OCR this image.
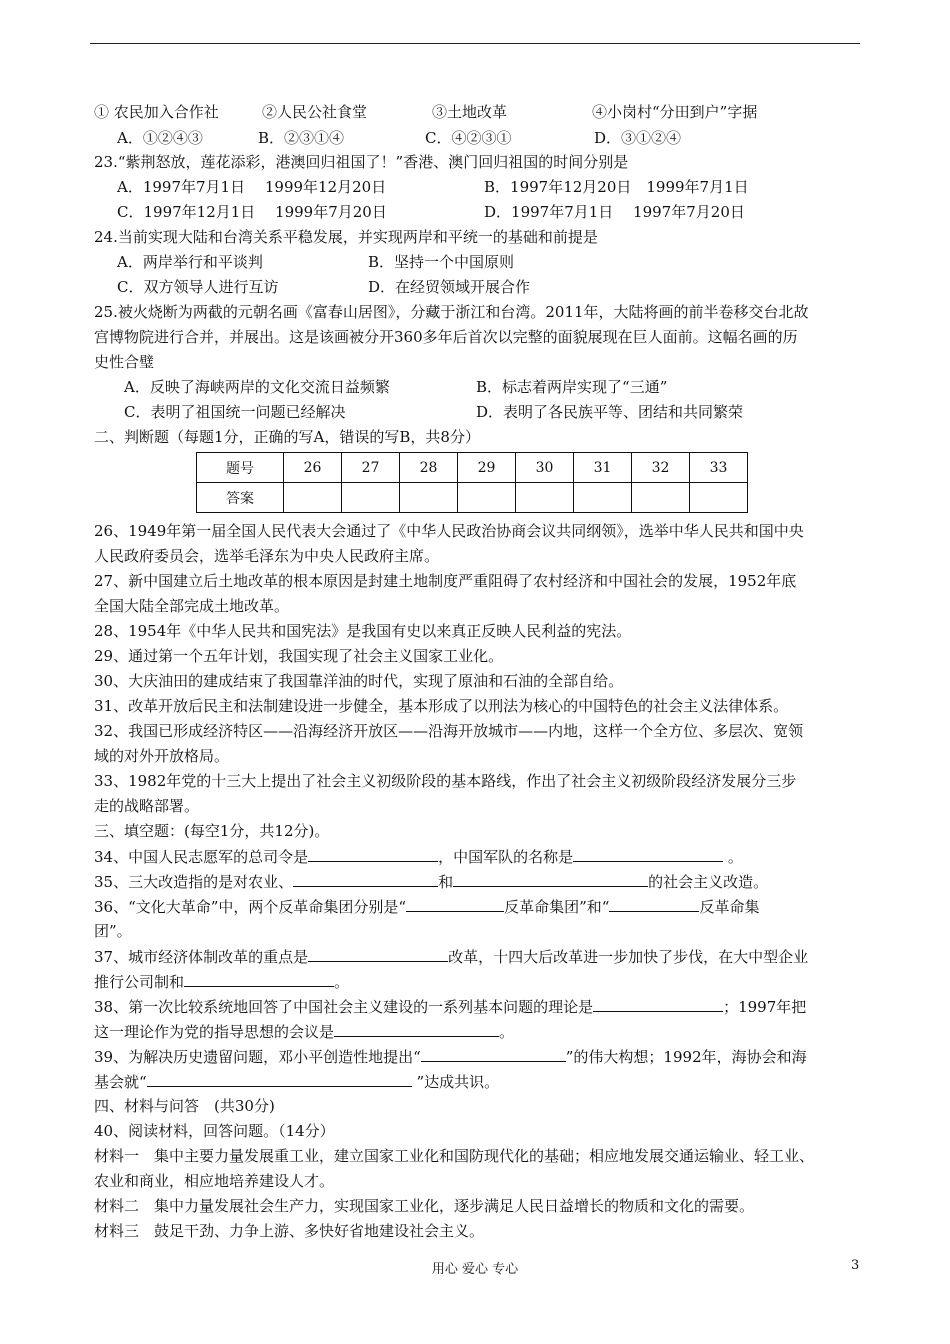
① 农民加入合作社	②人民公社食堂	③土地改革	④小岗村“分田到户”字据
A．①②④③	B．②③①④	C．④②③①	D．③①②④
23.“紫荆怒放，莲花添彩，港澳回归祖国了！”香港、澳门回归祖国的时间分别是
A．1997年7月1日　 1999年12月20日	B．1997年12月20日　1999年7月1日
C．1997年12月1日　 1999年7月20日	D．1997年7月1日　 1997年7月20日
24.当前实现大陆和台湾关系平稳发展，并实现两岸和平统一的基础和前提是
A．两岸举行和平谈判	B．坚持一个中国原则
C．双方领导人进行互访	D．在经贸领域开展合作
25.被火烧断为两截的元朝名画《富春山居图》，分藏于浙江和台湾。2011年，大陆将画的前半卷移交台北故
宫博物院进行合并，并展出。这是该画被分开360多年后首次以完整的面貌展现在巨人面前。这幅名画的历
史性合璧
A．反映了海峡两岸的文化交流日益频繁	B．标志着两岸实现了“三通”
C．表明了祖国统一问题已经解决	D．表明了各民族平等、团结和共同繁荣
二、判断题（每题1分，正确的写A，错误的写B，共8分）
题号	26	27	28	29	30	31	32	33
答案								
26、1949年第一届全国人民代表大会通过了《中华人民政治协商会议共同纲领》，选举中华人民共和国中央
人民政府委员会，选举毛泽东为中央人民政府主席。
27、新中国建立后土地改革的根本原因是封建土地制度严重阻碍了农村经济和中国社会的发展，1952年底
全国大陆全部完成土地改革。
28、1954年《中华人民共和国宪法》是我国有史以来真正反映人民利益的宪法。
29、通过第一个五年计划，我国实现了社会主义国家工业化。
30、大庆油田的建成结束了我国靠洋油的时代，实现了原油和石油的全部自给。
31、改革开放后民主和法制建设进一步健全，基本形成了以刑法为核心的中国特色的社会主义法律体系。
32、我国已形成经济特区——沿海经济开放区——沿海开放城市——内地，这样一个全方位、多层次、宽领
域的对外开放格局。
33、1982年党的十三大上提出了社会主义初级阶段的基本路线，作出了社会主义初级阶段经济发展分三步
走的战略部署。
三、填空题：(每空1分，共12分)。
34、中国人民志愿军的总司令是	，中国军队的名称是	。
35、三大改造指的是对农业、	和	的社会主义改造。
36、“文化大革命”中，两个反革命集团分别是“	反革命集团”和“	反革命集
团”。
37、城市经济体制改革的重点是	改革，十四大后改革进一步加快了步伐，在大中型企业
推行公司制和	。
38、第一次比较系统地回答了中国社会主义建设的一系列基本问题的理论是	；1997年把
这一理论作为党的指导思想的会议是	。
39、为解决历史遗留问题，邓小平创造性地提出“	”的伟大构想；1992年，海协会和海
基会就“	”达成共识。
四、材料与问答　(共30分)
40、阅读材料，回答问题。（14分）
材料一　集中主要力量发展重工业，建立国家工业化和国防现代化的基础；相应地发展交通运输业、轻工业、
农业和商业，相应地培养建设人才。
材料二　集中力量发展社会生产力，实现国家工业化，逐步满足人民日益增长的物质和文化的需要。
材料三　鼓足干劲、力争上游、多快好省地建设社会主义。
用心 爱心 专心	3
